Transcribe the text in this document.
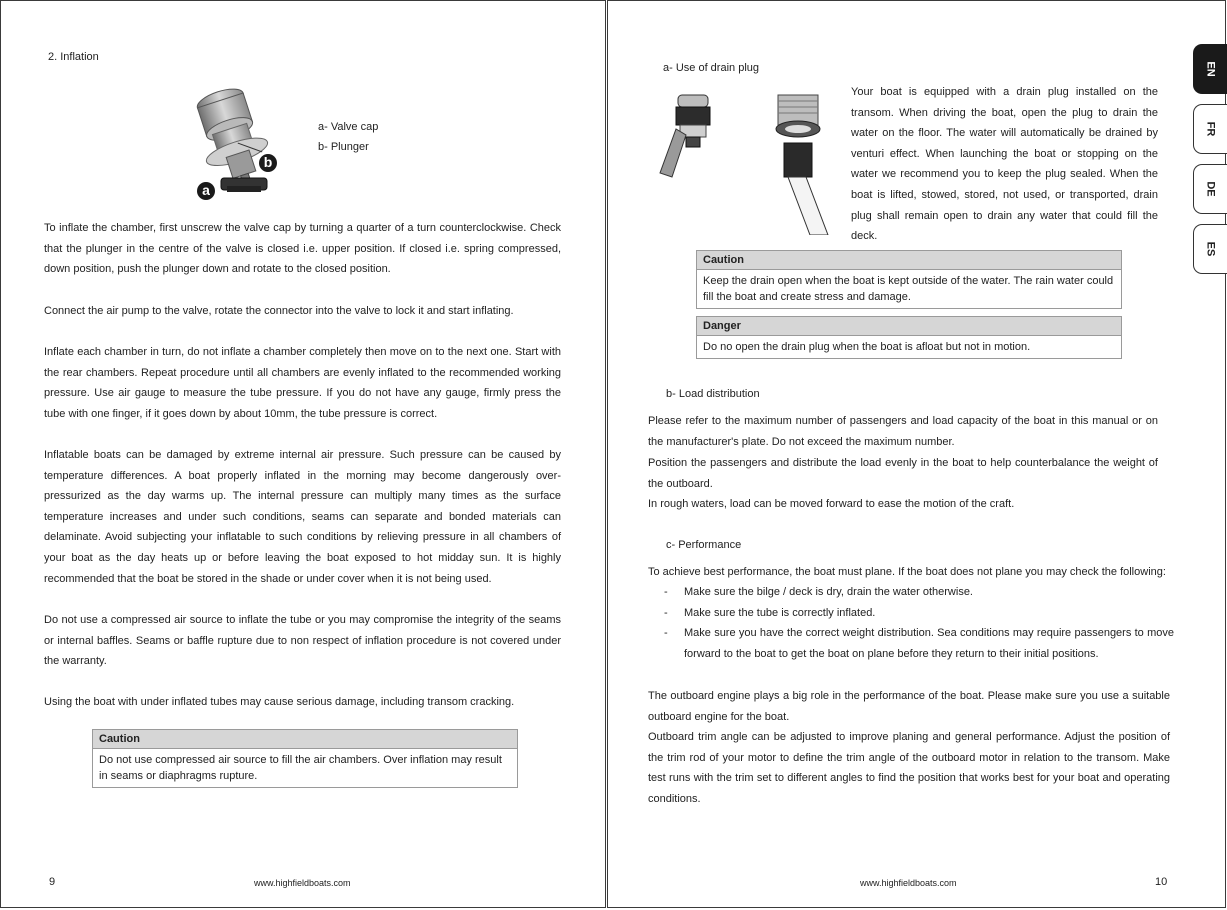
2. Inflation
a
b
a- Valve cap
b- Plunger
To inflate the chamber, first unscrew the valve cap by turning a quarter of a turn counterclockwise. Check that the plunger in the centre of the valve is closed i.e. upper position. If closed i.e. spring compressed, down position, push the plunger down and rotate to the closed position.
Connect the air pump to the valve, rotate the connector into the valve to lock it and start inflating.
Inflate each chamber in turn, do not inflate a chamber completely then move on to the next one. Start with the rear chambers. Repeat procedure until all chambers are evenly inflated to the recommended working pressure. Use air gauge to measure the tube pressure. If you do not have any gauge, firmly press the tube with one finger, if it goes down by about 10mm, the tube pressure is correct.
Inflatable boats can be damaged by extreme internal air pressure. Such pressure can be caused by temperature differences. A boat properly inflated in the morning may become dangerously over-pressurized as the day warms up. The internal pressure can multiply many times as the surface temperature increases and under such conditions, seams can separate and bonded materials can delaminate. Avoid subjecting your inflatable to such conditions by relieving pressure in all chambers of your boat as the day heats up or before leaving the boat exposed to hot midday sun. It is highly recommended that the boat be stored in the shade or under cover when it is not being used.
Do not use a compressed air source to inflate the tube or you may compromise the integrity of the seams or internal baffles. Seams or baffle rupture due to non respect of inflation procedure is not covered under the warranty.
Using the boat with under inflated tubes may cause serious damage, including transom cracking.
Caution
Do not use compressed air source to fill the air chambers. Over inflation may result in seams or diaphragms rupture.
9	www.highfieldboats.com
a- Use of drain plug
Your boat is equipped with a drain plug installed on the transom. When driving the boat, open the plug to drain the water on the floor. The water will automatically be drained by venturi effect. When launching the boat or stopping on the water we recommend you to keep the plug sealed. When the boat is lifted, stowed, stored, not used, or transported, drain plug shall remain open to drain any water that could fill the deck.
Caution
Keep the drain open when the boat is kept outside of the water. The rain water could fill the boat and create stress and damage.
Danger
Do no open the drain plug when the boat is afloat but not in motion.
b- Load distribution
Please refer to the maximum number of passengers and load capacity of the boat in this manual or on the manufacturer's plate. Do not exceed the maximum number.
Position the passengers and distribute the load evenly in the boat to help counterbalance the weight of the outboard.
In rough waters, load can be moved forward to ease the motion of the craft.
c- Performance
To achieve best performance, the boat must plane. If the boat does not plane you may check the following:
- Make sure the bilge / deck is dry, drain the water otherwise.
- Make sure the tube is correctly inflated.
- Make sure you have the correct weight distribution. Sea conditions may require passengers to move forward to the boat to get the boat on plane before they return to their initial positions.
The outboard engine plays a big role in the performance of the boat. Please make sure you use a suitable outboard engine for the boat.
Outboard trim angle can be adjusted to improve planing and general performance. Adjust the position of the trim rod of your motor to define the trim angle of the outboard motor in relation to the transom. Make test runs with the trim set to different angles to find the position that works best for your boat and operating conditions.
www.highfieldboats.com	10
EN
FR
DE
ES
